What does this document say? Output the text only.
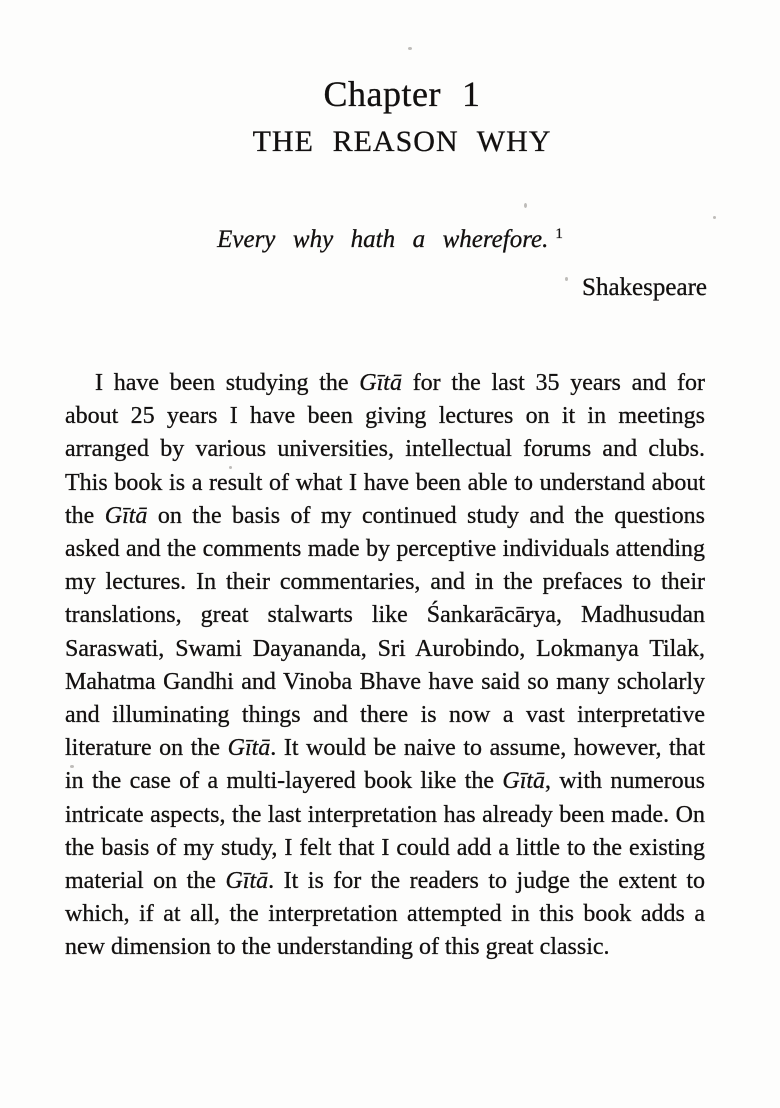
Chapter 1
THE REASON WHY
Every why hath a wherefore. $^1$
Shakespeare

I have been studying the Gītā for the last 35 years and for about 25 years I have been giving lectures on it in meetings arranged by various universities, intellectual forums and clubs. This book is a result of what I have been able to understand about the Gītā on the basis of my continued study and the questions asked and the comments made by perceptive individuals attending my lectures. In their commentaries, and in the prefaces to their translations, great stalwarts like Śankarācārya, Madhusudan Saraswati, Swami Dayananda, Sri Aurobindo, Lokmanya Tilak, Mahatma Gandhi and Vinoba Bhave have said so many scholarly and illuminating things and there is now a vast interpretative literature on the Gītā. It would be naive to assume, however, that in the case of a multi-layered book like the Gītā, with numerous intricate aspects, the last interpretation has already been made. On the basis of my study, I felt that I could add a little to the existing material on the Gītā. It is for the readers to judge the extent to which, if at all, the interpretation attempted in this book adds a new dimension to the understanding of this great classic.
